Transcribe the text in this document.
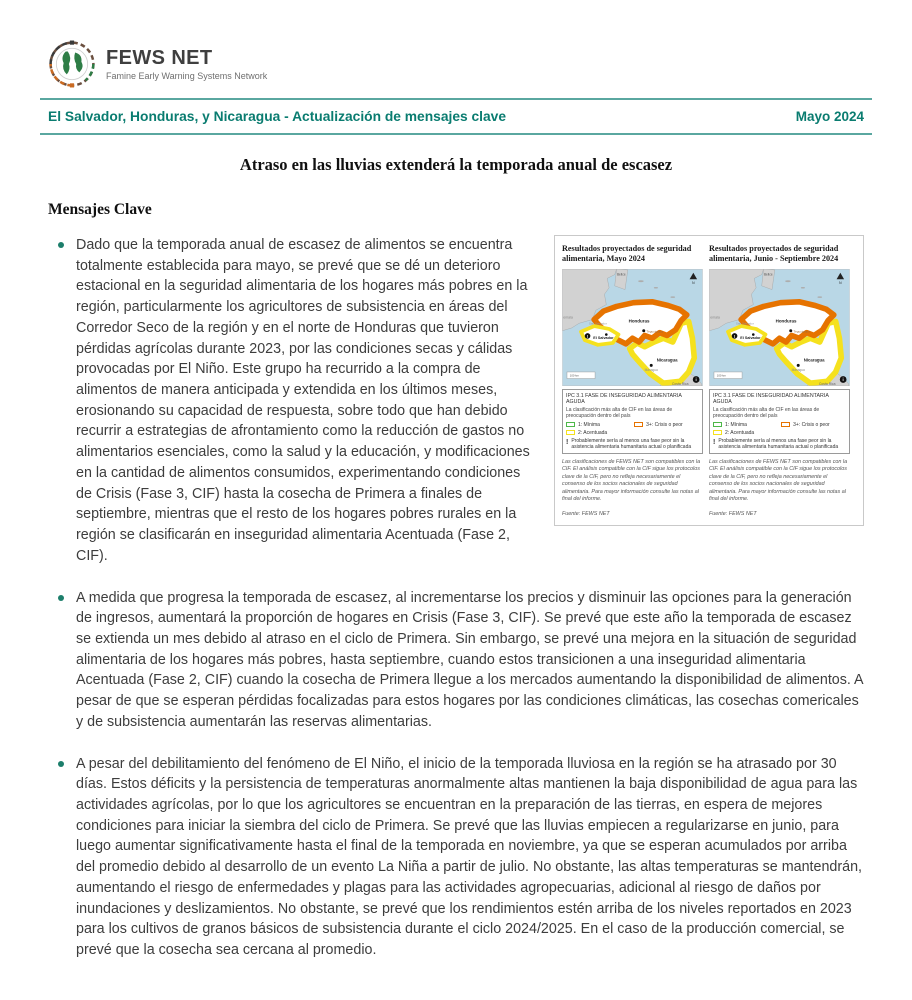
FEWS NET
Famine Early Warning Systems Network
El Salvador, Honduras, y Nicaragua - Actualización de mensajes clave	Mayo 2024
Atraso en las lluvias extenderá la temporada anual de escasez
Resultados proyectados de seguridad alimentaria, Mayo 2024
IPC 3.1 FASE DE INSEGURIDAD ALIMENTARIA AGUDA
La clasificación más alta de CIF en las áreas de preocupación dentro del país
1: Mínima	3+: Crisis o peor
2: Acentuada
! Probablemente sería al menos una fase peor sin la asistencia alimentaria humanitaria actual o planificada
Las clasificaciones de FEWS NET son compatibles con la CIF. El análisis compatible con la CIF sigue los protocolos clave de la CIF, pero no refleja necesariamente el consenso de los socios nacionales de seguridad alimentaria. Para mayor información consulte las notas al final del informe.
Fuente: FEWS NET
Resultados proyectados de seguridad alimentaria, Junio - Septiembre 2024
IPC 3.1 FASE DE INSEGURIDAD ALIMENTARIA AGUDA
La clasificación más alta de CIF en las áreas de preocupación dentro del país
1: Mínima	3+: Crisis o peor
2: Acentuada
! Probablemente sería al menos una fase peor sin la asistencia alimentaria humanitaria actual o planificada
Las clasificaciones de FEWS NET son compatibles con la CIF. El análisis compatible con la CIF sigue los protocolos clave de la CIF, pero no refleja necesariamente el consenso de los socios nacionales de seguridad alimentaria. Para mayor información consulte las notas al final del informe.
Fuente: FEWS NET
Mensajes Clave
Dado que la temporada anual de escasez de alimentos se encuentra totalmente establecida para mayo, se prevé que se dé un deterioro estacional en la seguridad alimentaria de los hogares más pobres en la región, particularmente los agricultores de subsistencia en áreas del Corredor Seco de la región y en el norte de Honduras que tuvieron pérdidas agrícolas durante 2023, por las condiciones secas y cálidas provocadas por El Niño. Este grupo ha recurrido a la compra de alimentos de manera anticipada y extendida en los últimos meses, erosionando su capacidad de respuesta, sobre todo que han debido recurrir a estrategias de afrontamiento como la reducción de gastos no alimentarios esenciales, como la salud y la educación, y modificaciones en la cantidad de alimentos consumidos, experimentando condiciones de Crisis (Fase 3, CIF) hasta la cosecha de Primera a finales de septiembre, mientras que el resto de los hogares pobres rurales en la región se clasificarán en inseguridad alimentaria Acentuada (Fase 2, CIF).
A medida que progresa la temporada de escasez, al incrementarse los precios y disminuir las opciones para la generación de ingresos, aumentará la proporción de hogares en Crisis (Fase 3, CIF). Se prevé que este año la temporada de escasez se extienda un mes debido al atraso en el ciclo de Primera. Sin embargo, se prevé una mejora en la situación de seguridad alimentaria de los hogares más pobres, hasta septiembre, cuando estos transicionen a una inseguridad alimentaria Acentuada (Fase 2, CIF) cuando la cosecha de Primera llegue a los mercados aumentando la disponibilidad de alimentos. A pesar de que se esperan pérdidas focalizadas para estos hogares por las condiciones climáticas, las cosechas comericales y de subsistencia aumentarán las reservas alimentarias.
A pesar del debilitamiento del fenómeno de El Niño, el inicio de la temporada lluviosa en la región se ha atrasado por 30 días. Estos déficits y la persistencia de temperaturas anormalmente altas mantienen la baja disponibilidad de agua para las actividades agrícolas, por lo que los agricultores se encuentran en la preparación de las tierras, en espera de mejores condiciones para iniciar la siembra del ciclo de Primera. Se prevé que las lluvias empiecen a regularizarse en junio, para luego aumentar significativamente hasta el final de la temporada en noviembre, ya que se esperan acumulados por arriba del promedio debido al desarrollo de un evento La Niña a partir de julio. No obstante, las altas temperaturas se mantendrán, aumentando el riesgo de enfermedades y plagas para las actividades agropecuarias, adicional al riesgo de daños por inundaciones y deslizamientos. No obstante, se prevé que los rendimientos estén arriba de los niveles reportados en 2023 para los cultivos de granos básicos de subsistencia durante el ciclo 2024/2025. En el caso de la producción comercial, se prevé que la cosecha sea cercana al promedio.
